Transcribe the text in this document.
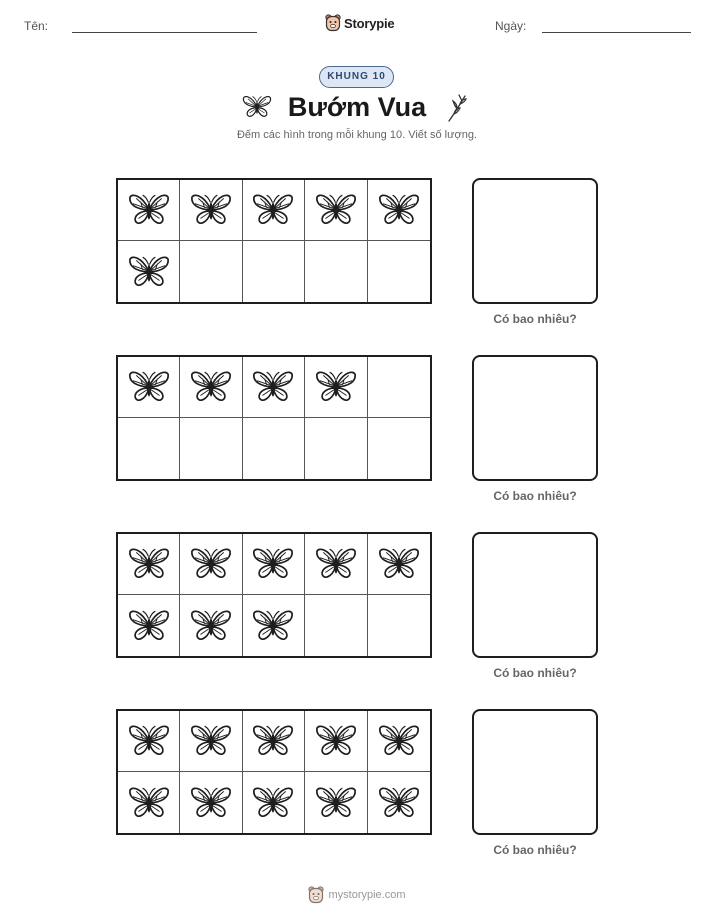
Tên:	Storypie	Ngày:
KHUNG 10
Bướm Vua
Đếm các hình trong mỗi khung 10. Viết số lượng.
Có bao nhiêu?
Có bao nhiêu?
Có bao nhiêu?
Có bao nhiêu?
mystorypie.com
